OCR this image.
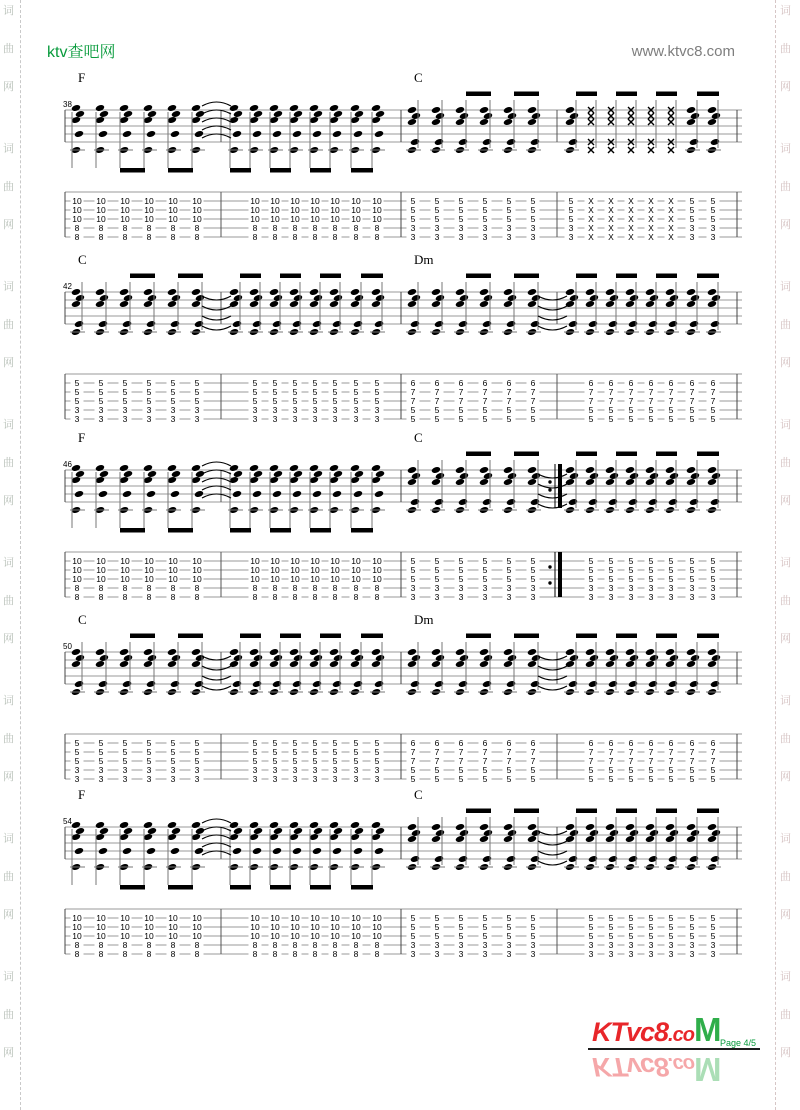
词
曲
网
词
曲
网
词
曲
网
词
曲
网
词
曲
网
词
曲
网
词
曲
网
词
曲
网
词
曲
网
词
曲
网
词
曲
网
词
曲
网
词
曲
网
词
曲
网
词
曲
网
词
曲
网
ktv查吧网	www.ktvc8.com
38
F
10
10
10
8
8
10
10
10
8
8
10
10
10
8
8
10
10
10
8
8
10
10
10
8
8
10
10
10
8
8
10
10
10
8
8
10
10
10
8
8
10
10
10
8
8
10
10
10
8
8
10
10
10
8
8
10
10
10
8
8
10
10
10
8
8
C
5
5
5
3
3
5
5
5
3
3
5
5
5
3
3
5
5
5
3
3
5
5
5
3
3
5
5
5
3
3
5
5
5
3
3
X
X
X
X
X
X
X
X
X
X
X
X
X
X
X
X
X
X
X
X
X
X
X
X
X
5
5
5
3
3
5
5
5
3
3
42
C
5
5
5
3
3
5
5
5
3
3
5
5
5
3
3
5
5
5
3
3
5
5
5
3
3
5
5
5
3
3
5
5
5
3
3
5
5
5
3
3
5
5
5
3
3
5
5
5
3
3
5
5
5
3
3
5
5
5
3
3
5
5
5
3
3
Dm
6
7
7
5
5
6
7
7
5
5
6
7
7
5
5
6
7
7
5
5
6
7
7
5
5
6
7
7
5
5
6
7
7
5
5
6
7
7
5
5
6
7
7
5
5
6
7
7
5
5
6
7
7
5
5
6
7
7
5
5
6
7
7
5
5
46
F
10
10
10
8
8
10
10
10
8
8
10
10
10
8
8
10
10
10
8
8
10
10
10
8
8
10
10
10
8
8
10
10
10
8
8
10
10
10
8
8
10
10
10
8
8
10
10
10
8
8
10
10
10
8
8
10
10
10
8
8
10
10
10
8
8
C
5
5
5
3
3
5
5
5
3
3
5
5
5
3
3
5
5
5
3
3
5
5
5
3
3
5
5
5
3
3
5
5
5
3
3
5
5
5
3
3
5
5
5
3
3
5
5
5
3
3
5
5
5
3
3
5
5
5
3
3
5
5
5
3
3
50
C
5
5
5
3
3
5
5
5
3
3
5
5
5
3
3
5
5
5
3
3
5
5
5
3
3
5
5
5
3
3
5
5
5
3
3
5
5
5
3
3
5
5
5
3
3
5
5
5
3
3
5
5
5
3
3
5
5
5
3
3
5
5
5
3
3
Dm
6
7
7
5
5
6
7
7
5
5
6
7
7
5
5
6
7
7
5
5
6
7
7
5
5
6
7
7
5
5
6
7
7
5
5
6
7
7
5
5
6
7
7
5
5
6
7
7
5
5
6
7
7
5
5
6
7
7
5
5
6
7
7
5
5
54
F
10
10
10
8
8
10
10
10
8
8
10
10
10
8
8
10
10
10
8
8
10
10
10
8
8
10
10
10
8
8
10
10
10
8
8
10
10
10
8
8
10
10
10
8
8
10
10
10
8
8
10
10
10
8
8
10
10
10
8
8
10
10
10
8
8
C
5
5
5
3
3
5
5
5
3
3
5
5
5
3
3
5
5
5
3
3
5
5
5
3
3
5
5
5
3
3
5
5
5
3
3
5
5
5
3
3
5
5
5
3
3
5
5
5
3
3
5
5
5
3
3
5
5
5
3
3
5
5
5
3
3
KTvc8.coM Page 4/5
KTvc8.coM
